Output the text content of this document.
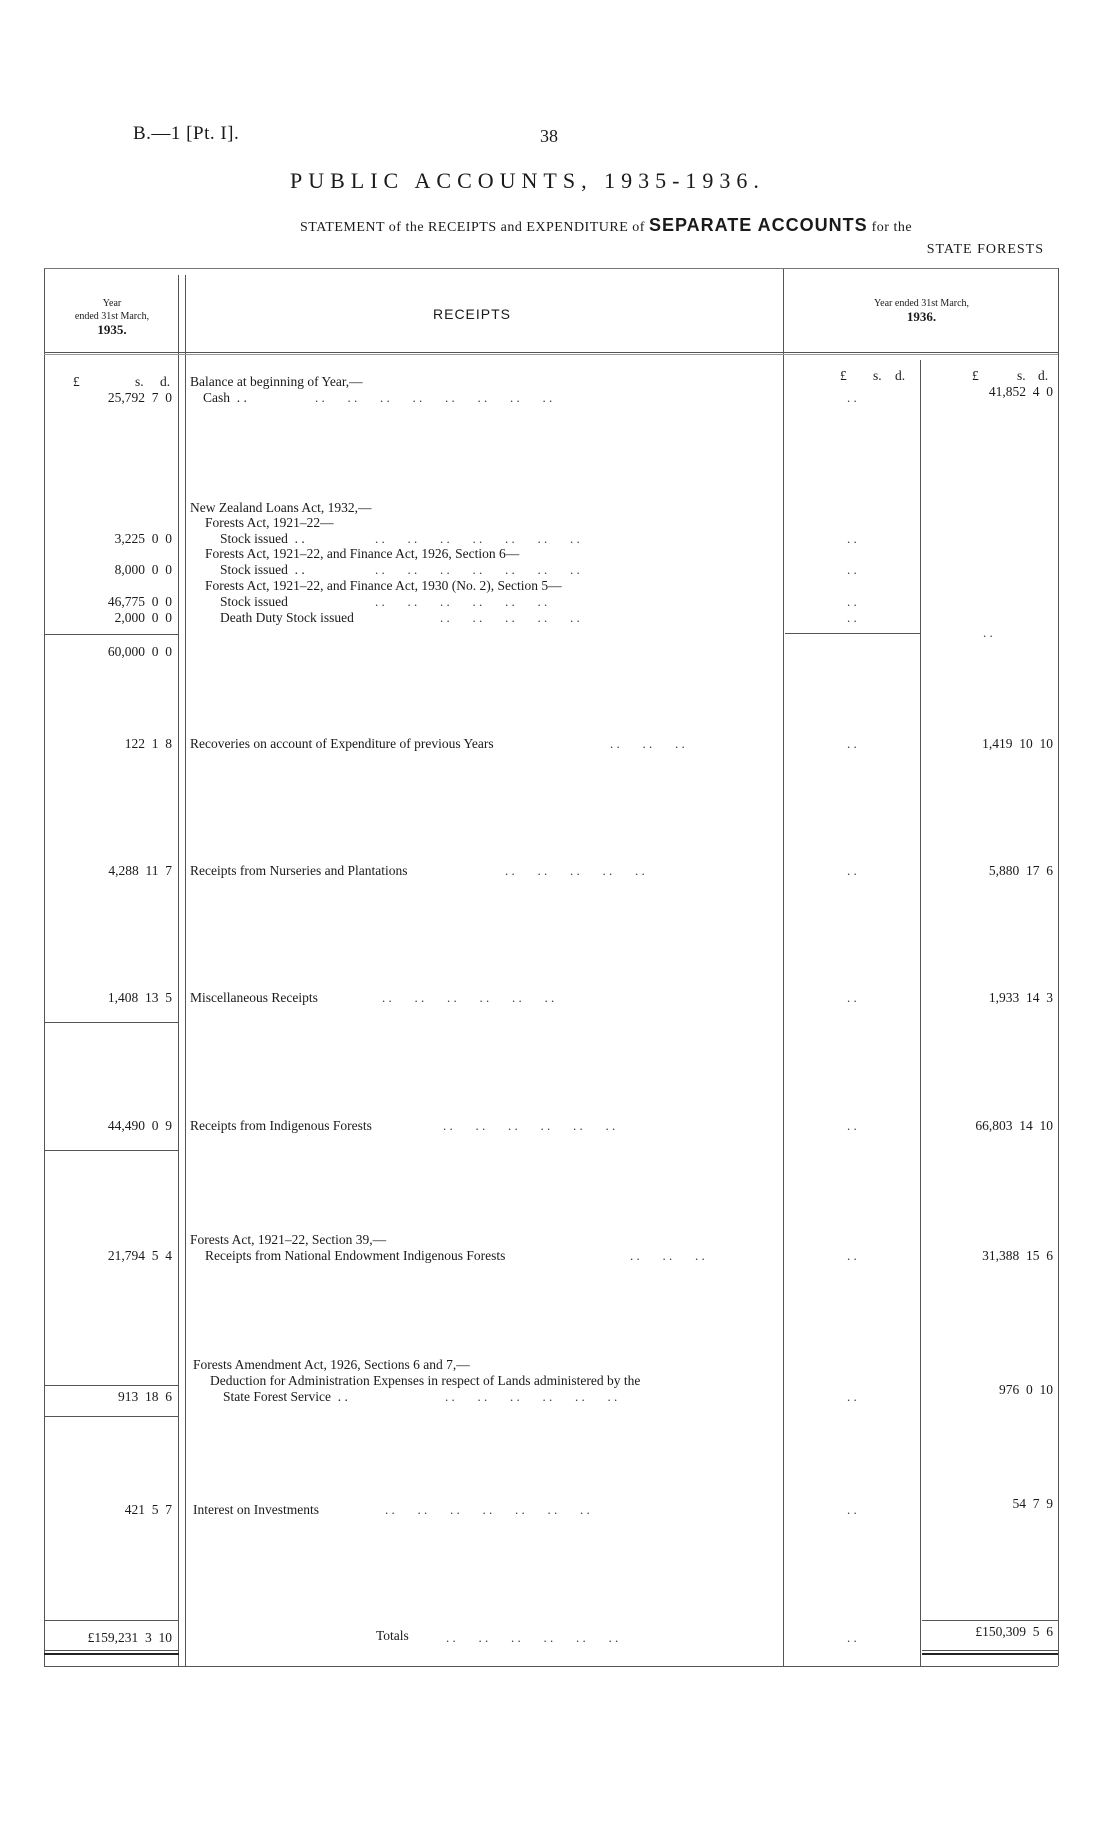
B.—1 [Pt. I].	38
PUBLIC ACCOUNTS, 1935-1936.
STATEMENT of the RECEIPTS and EXPENDITURE of SEPARATE ACCOUNTS for the
STATE FORESTS
Year
ended 31st March,
1935.
RECEIPTS
Year ended 31st March,
1936.
£	s. d.	£ s. d.	£	s. d.
Balance at beginning of Year,—
25,792  7  0 Cash  . .	. .       . .       . .       . .       . .       . .       . .       . .	. .	41,852  4  0
New Zealand Loans Act, 1932,—
Forests Act, 1921–22—
3,225  0  0	Stock issued  . .	. .       . .       . .       . .       . .       . .       . .	. .
Forests Act, 1921–22, and Finance Act, 1926, Section 6—
8,000  0  0	Stock issued  . .	. .       . .       . .       . .       . .       . .       . .	. .
Forests Act, 1921–22, and Finance Act, 1930 (No. 2), Section 5—
46,775  0  0	Stock issued	. .       . .       . .       . .       . .       . .	. .
2,000  0  0	Death Duty Stock issued	. .       . .       . .       . .       . .	. .
60,000  0  0
. .
122  1  8 Recoveries on account of Expenditure of previous Years	. .       . .       . .	. .	1,419  10  10
4,288  11  7 Receipts from Nurseries and Plantations	. .       . .       . .       . .       . .	. .	5,880  17  6
1,408  13  5 Miscellaneous Receipts	. .       . .       . .       . .       . .       . .	. .	1,933  14  3
44,490  0  9 Receipts from Indigenous Forests	. .       . .       . .       . .       . .       . .	. .	66,803  14  10
Forests Act, 1921–22, Section 39,—
21,794  5  4 Receipts from National Endowment Indigenous Forests	. .       . .       . .	. .	31,388  15  6
Forests Amendment Act, 1926, Sections 6 and 7,—
Deduction for Administration Expenses in respect of Lands administered by the
913  18  6	State Forest Service  . .	. .       . .       . .       . .       . .       . .	. .	976  0  10
421  5  7 Interest on Investments	. .       . .       . .       . .       . .       . .       . .	. .	54  7  9
£159,231  3  10	Totals	. .       . .       . .       . .       . .       . .	. .	£150,309  5  6
